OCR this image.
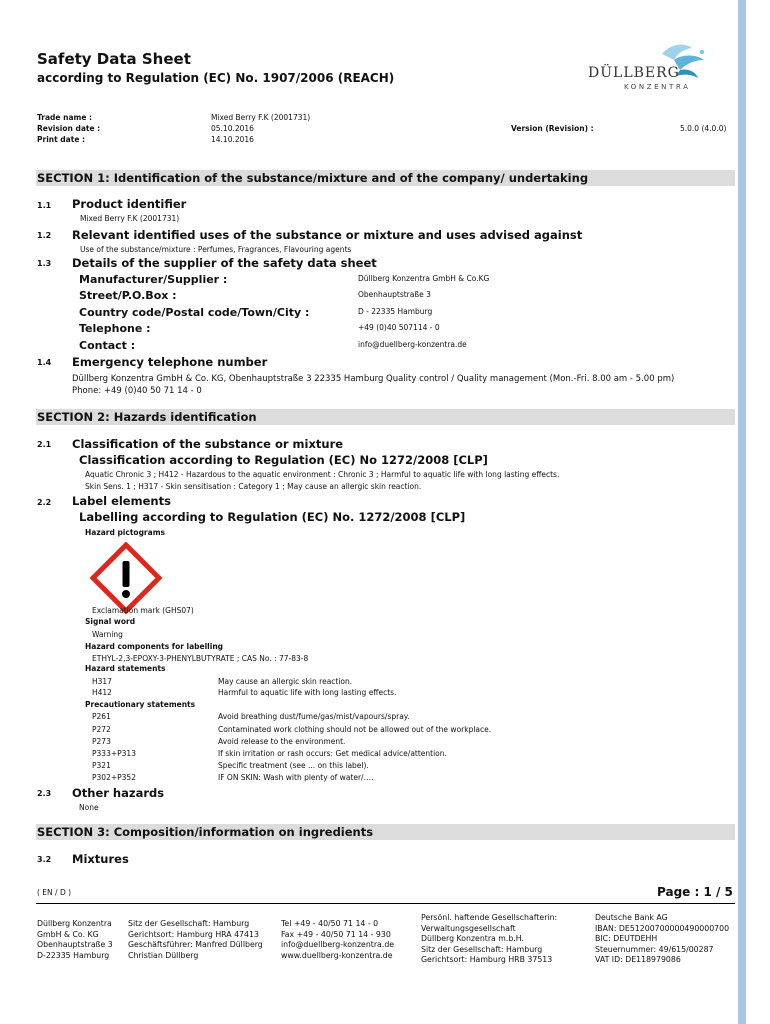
Safety Data Sheet
according to Regulation (EC) No. 1907/2006 (REACH)	DÜLLBERG
KONZENTRA
Trade name :	Mixed Berry F.K (2001731)
Revision date :	05.10.2016
Print date :	14.10.2016
Version (Revision) :	5.0.0 (4.0.0)
SECTION 1: Identification of the substance/mixture and of the company/ undertaking
1.1 Product identifier
Mixed Berry F.K (2001731)
1.2 Relevant identified uses of the substance or mixture and uses advised against
Use of the substance/mixture : Perfumes, Fragrances, Flavouring agents
1.3 Details of the supplier of the safety data sheet
Manufacturer/Supplier :	Düllberg Konzentra GmbH & Co.KG
Street/P.O.Box :	Obenhauptstraße 3
Country code/Postal code/Town/City :	D - 22335 Hamburg
Telephone :	+49 (0)40 507114 - 0
Contact :	info@duellberg-konzentra.de
1.4 Emergency telephone number
Düllberg Konzentra GmbH & Co. KG, Obenhauptstraße 3 22335 Hamburg Quality control / Quality management (Mon.-Fri. 8.00 am - 5.00 pm)
Phone: +49 (0)40 50 71 14 - 0
SECTION 2: Hazards identification
2.1 Classification of the substance or mixture
Classification according to Regulation (EC) No 1272/2008 [CLP]
Aquatic Chronic 3 ; H412 - Hazardous to the aquatic environment : Chronic 3 ; Harmful to aquatic life with long lasting effects.
Skin Sens. 1 ; H317 - Skin sensitisation : Category 1 ; May cause an allergic skin reaction.
2.2 Label elements
Labelling according to Regulation (EC) No. 1272/2008 [CLP]
Hazard pictograms
Exclamation mark (GHS07)
Signal word
Warning
Hazard components for labelling
ETHYL-2,3-EPOXY-3-PHENYLBUTYRATE ; CAS No. : 77-83-8
Hazard statements
H317	May cause an allergic skin reaction.
H412	Harmful to aquatic life with long lasting effects.
Precautionary statements
P261	Avoid breathing dust/fume/gas/mist/vapours/spray.
P272	Contaminated work clothing should not be allowed out of the workplace.
P273	Avoid release to the environment.
P333+P313	If skin irritation or rash occurs: Get medical advice/attention.
P321	Specific treatment (see ... on this label).
P302+P352	IF ON SKIN: Wash with plenty of water/….
2.3 Other hazards
None
SECTION 3: Composition/information on ingredients
3.2 Mixtures
( EN / D )	Page : 1 / 5
Düllberg Konzentra
GmbH & Co. KG
Obenhauptstraße 3
D-22335 Hamburg
Sitz der Gesellschaft: Hamburg
Gerichtsort: Hamburg HRA 47413
Geschäftsführer: Manfred Düllberg
Christian Düllberg
Tel +49 - 40/50 71 14 - 0
Fax +49 - 40/50 71 14 - 930
info@duellberg-konzentra.de
www.duellberg-konzentra.de
Persönl. haftende Gesellschafterin:
Verwaltungsgesellschaft
Düllberg Konzentra m.b.H.
Sitz der Gesellschaft: Hamburg
Gerichtsort: Hamburg HRB 37513
Deutsche Bank AG
IBAN: DE51200700000490000700
BIC: DEUTDEHH
Steuernummer: 49/615/00287
VAT ID: DE118979086
